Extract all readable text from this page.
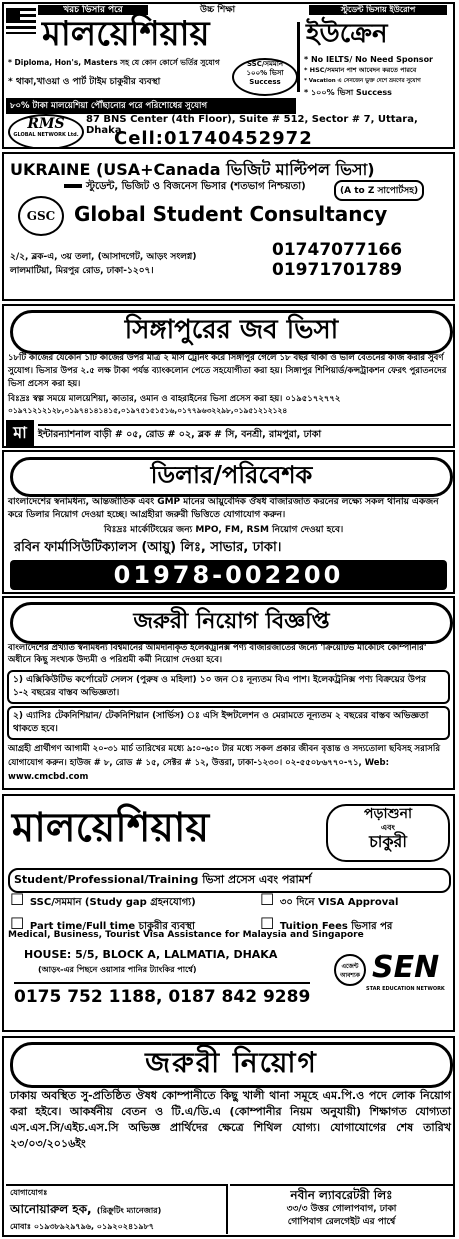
খরচ ভিসার পরে	উচ্চ শিক্ষা	স্টুডেন্ট ভিসায় ইউরোপ
মালয়েশিয়ায়	ইউক্রেন
* Diploma, Hon's, Masters সহ যে কোন কোর্সে ভর্তির সুযোগ
* থাকা,খাওয়া ও পার্ট টাইম চাকুরীর ব্যবস্থা
SSC/সমমান
১০০% ভিসা
Success
* No IELTS/ No Need Sponsor
* HSC/সমমান পাশ আবেদন করতে পারবে
* Vacation এ সেনজেন ভুক্ত দেশে ভ্রমণের সুযোগ
* ১০০% ভিসা Success
৮০% টাকা মালয়েশিয়া পৌঁছানোর পরে পরিশোধের সুযোগ
RMS
GLOBAL NETWORK Ltd.
87 BNS Center (4th Floor), Suite # 512, Sector # 7, Uttara, Dhaka
Cell:01740452972
UKRAINE (USA+Canada ভিজিট মাল্টিপল ভিসা)
স্টুডেন্ট, ভিজিট ও বিজনেস ভিসার (শতভাগ নিশ্চয়তা)	(A to Z সাপোর্টসহ)
GSC Global Student Consultancy
২/২, ব্লক-এ, ৩য় তলা, (আসাদগেট, আড়ং সংলগ্ন)
লালমাটিয়া, মিরপুর রোড, ঢাকা-১২০৭।
01747077166
01971701789
সিঙ্গাপুরের জব ভিসা
১৮টি কাজের যেকোন ১টি কাজের উপর মাত্র ২ মাস ট্রেনিং করে সিঙ্গাপুর গেলে ১৮ বছর থাকা ও ভাল বেতনের কাজ করার সুবর্ণ সুযোগ। ভিসার উপর ২.৫ লক্ষ টাকা পর্যন্ত ব্যাংকলোন পেতে সহযোগীতা করা হয়। সিঙ্গাপুর শিপিয়ার্ড/কন্সট্রাকশন ফেরৎ পুরাতনদের ভিসা প্রসেস করা হয়।
বিঃদ্রঃ স্বল্প সময়ে মালয়েশিয়া, কাতার, ওমান ও বাহরাইনের ভিসা প্রসেস করা হয়। ০১৯৫১৭২৭৭২
০১৯৭১২১২১২৮,০১৯৭৪১৪১৪১৫,০১৯৭৫১৫১৫১৬,০১৭৭৯৬৩২২৯৮,০১৯৫১২১২১২৪
মা	ইন্টারন্যাশনাল বাড়ী # ০৫, রোড # ০২, ব্লক # সি, বনশ্রী, রামপুরা, ঢাকা
ডিলার/পরিবেশক
বাংলাদেশের স্বনামধন্য, আন্তর্জাতিক এবং GMP মানের আয়ুর্বেদিক ঔষধ বাজারজাত করনের লক্ষ্যে সকল থানায় একজন করে ডিলার নিয়োগ দেওয়া হচ্ছে। আগ্রহীরা জরুরী ভিত্তিতে যোগাযোগ করুন।
বিঃদ্রঃ মার্কেটিংয়ের জন্য MPO, FM, RSM নিয়োগ দেওয়া হবে।
রবিন ফার্মাসিউটিক্যালস (আয়ু) লিঃ, সাভার, ঢাকা।
01978-002200
জরুরী নিয়োগ বিজ্ঞপ্তি
বাংলাদেশের প্রখ্যাত স্বনামধন্য বিশ্বমানের আমদানীকৃত ইলেকট্রনিক্স পণ্য বাজারজাতের জন্যে 'ক্রিয়েটিভ মার্কেটিং কোম্পানীর' অধীনে কিছু সংখ্যক উদ্যমী ও পরিশ্রমী কর্মী নিয়োগ দেওয়া হবে।
১) এক্সিকিউটিভ কর্পোরেট সেলস (পুরুষ ও মহিলা) ১০ জন ঃ নূন্যতম বিএ পাশ। ইলেকট্রনিক্স পণ্য বিক্রয়ের উপর ১-২ বছরের বাস্তব অভিজ্ঞতা।
২) এ্যাসিঃ টেকনিশিয়ান/ টেকনিশিয়ান (সার্ভিস) ঃ এসি ইন্সটলেশন ও মেরামতে নূন্যতম ২ বছরের বাস্তব অভিজ্ঞতা থাকতে হবে।
আগ্রহী প্রার্থীগণ আগামী ২০-৩১ মার্চ তারিখের মধ্যে ৯:০-৬:০ টার মধ্যে সকল প্রকার জীবন বৃত্তান্ত ও সদ্যতোলা ছবিসহ সরাসরি যোগাযোগ করুন। হাউজ # ৮, রোড # ১৫, সেক্টর # ১২, উত্তরা, ঢাকা-১২৩০। ০২-৫৫০৮৬৭৭০-৭১, Web: www.cmcbd.com
মালয়েশিয়ায়	পড়াশুনা
এবং
চাকুরী
Student/Professional/Training ভিসা প্রসেস এবং পরামর্শ
☐ SSC/সমমান (Study gap গ্রহনযোগ্য)	☐ ৩০ দিনে VISA Approval
☐ Part time/Full time চাকুরীর ব্যবস্থা	☐ Tuition Fees ভিসার পর
Medical, Business, Tourist Visa Assistance for Malaysia and Singapore
HOUSE: 5/5, BLOCK A, LALMATIA, DHAKA
(আড়ং-এর পিছনে ওয়াসার পানির ট্যাংকির পার্শ্বে)
0175 752 1188, 0187 842 9289
এজেন্ট আবশ্যক SEN
STAR EDUCATION NETWORK
জরুরী নিয়োগ
ঢাকায় অবস্থিত সু-প্রতিষ্ঠিত ঔষধ কোম্পানীতে কিছু খালী থানা সমূহে এম.পি.ও পদে লোক নিয়োগ করা হইবে। আকর্ষনীয় বেতন ও টি.এ/ডি.এ (কোম্পানীর নিয়ম অনুযায়ী) শিক্ষাগত যোগ্যতা এস.এস.সি/এইচ.এস.সি অভিজ্ঞ প্রার্থিদের ক্ষেত্রে শিথিল যোগ্য। যোগাযোগের শেষ তারিখ ২৩/০৩/২০১৬ইং
যোগাযোগঃ
আনোয়ারুল হক, (রিক্রুটিং ম্যানেজার)
মোবাঃ ০১৯৩৮৯২৯৭৯৬, ০১৯২০২৪১৯৮৭
নবীন ল্যাবরেটরী লিঃ
৩৩/৩ উত্তর গোলাপবাগ, ঢাকা
গোপিবাগ রেলগেইট এর পার্শ্বে
